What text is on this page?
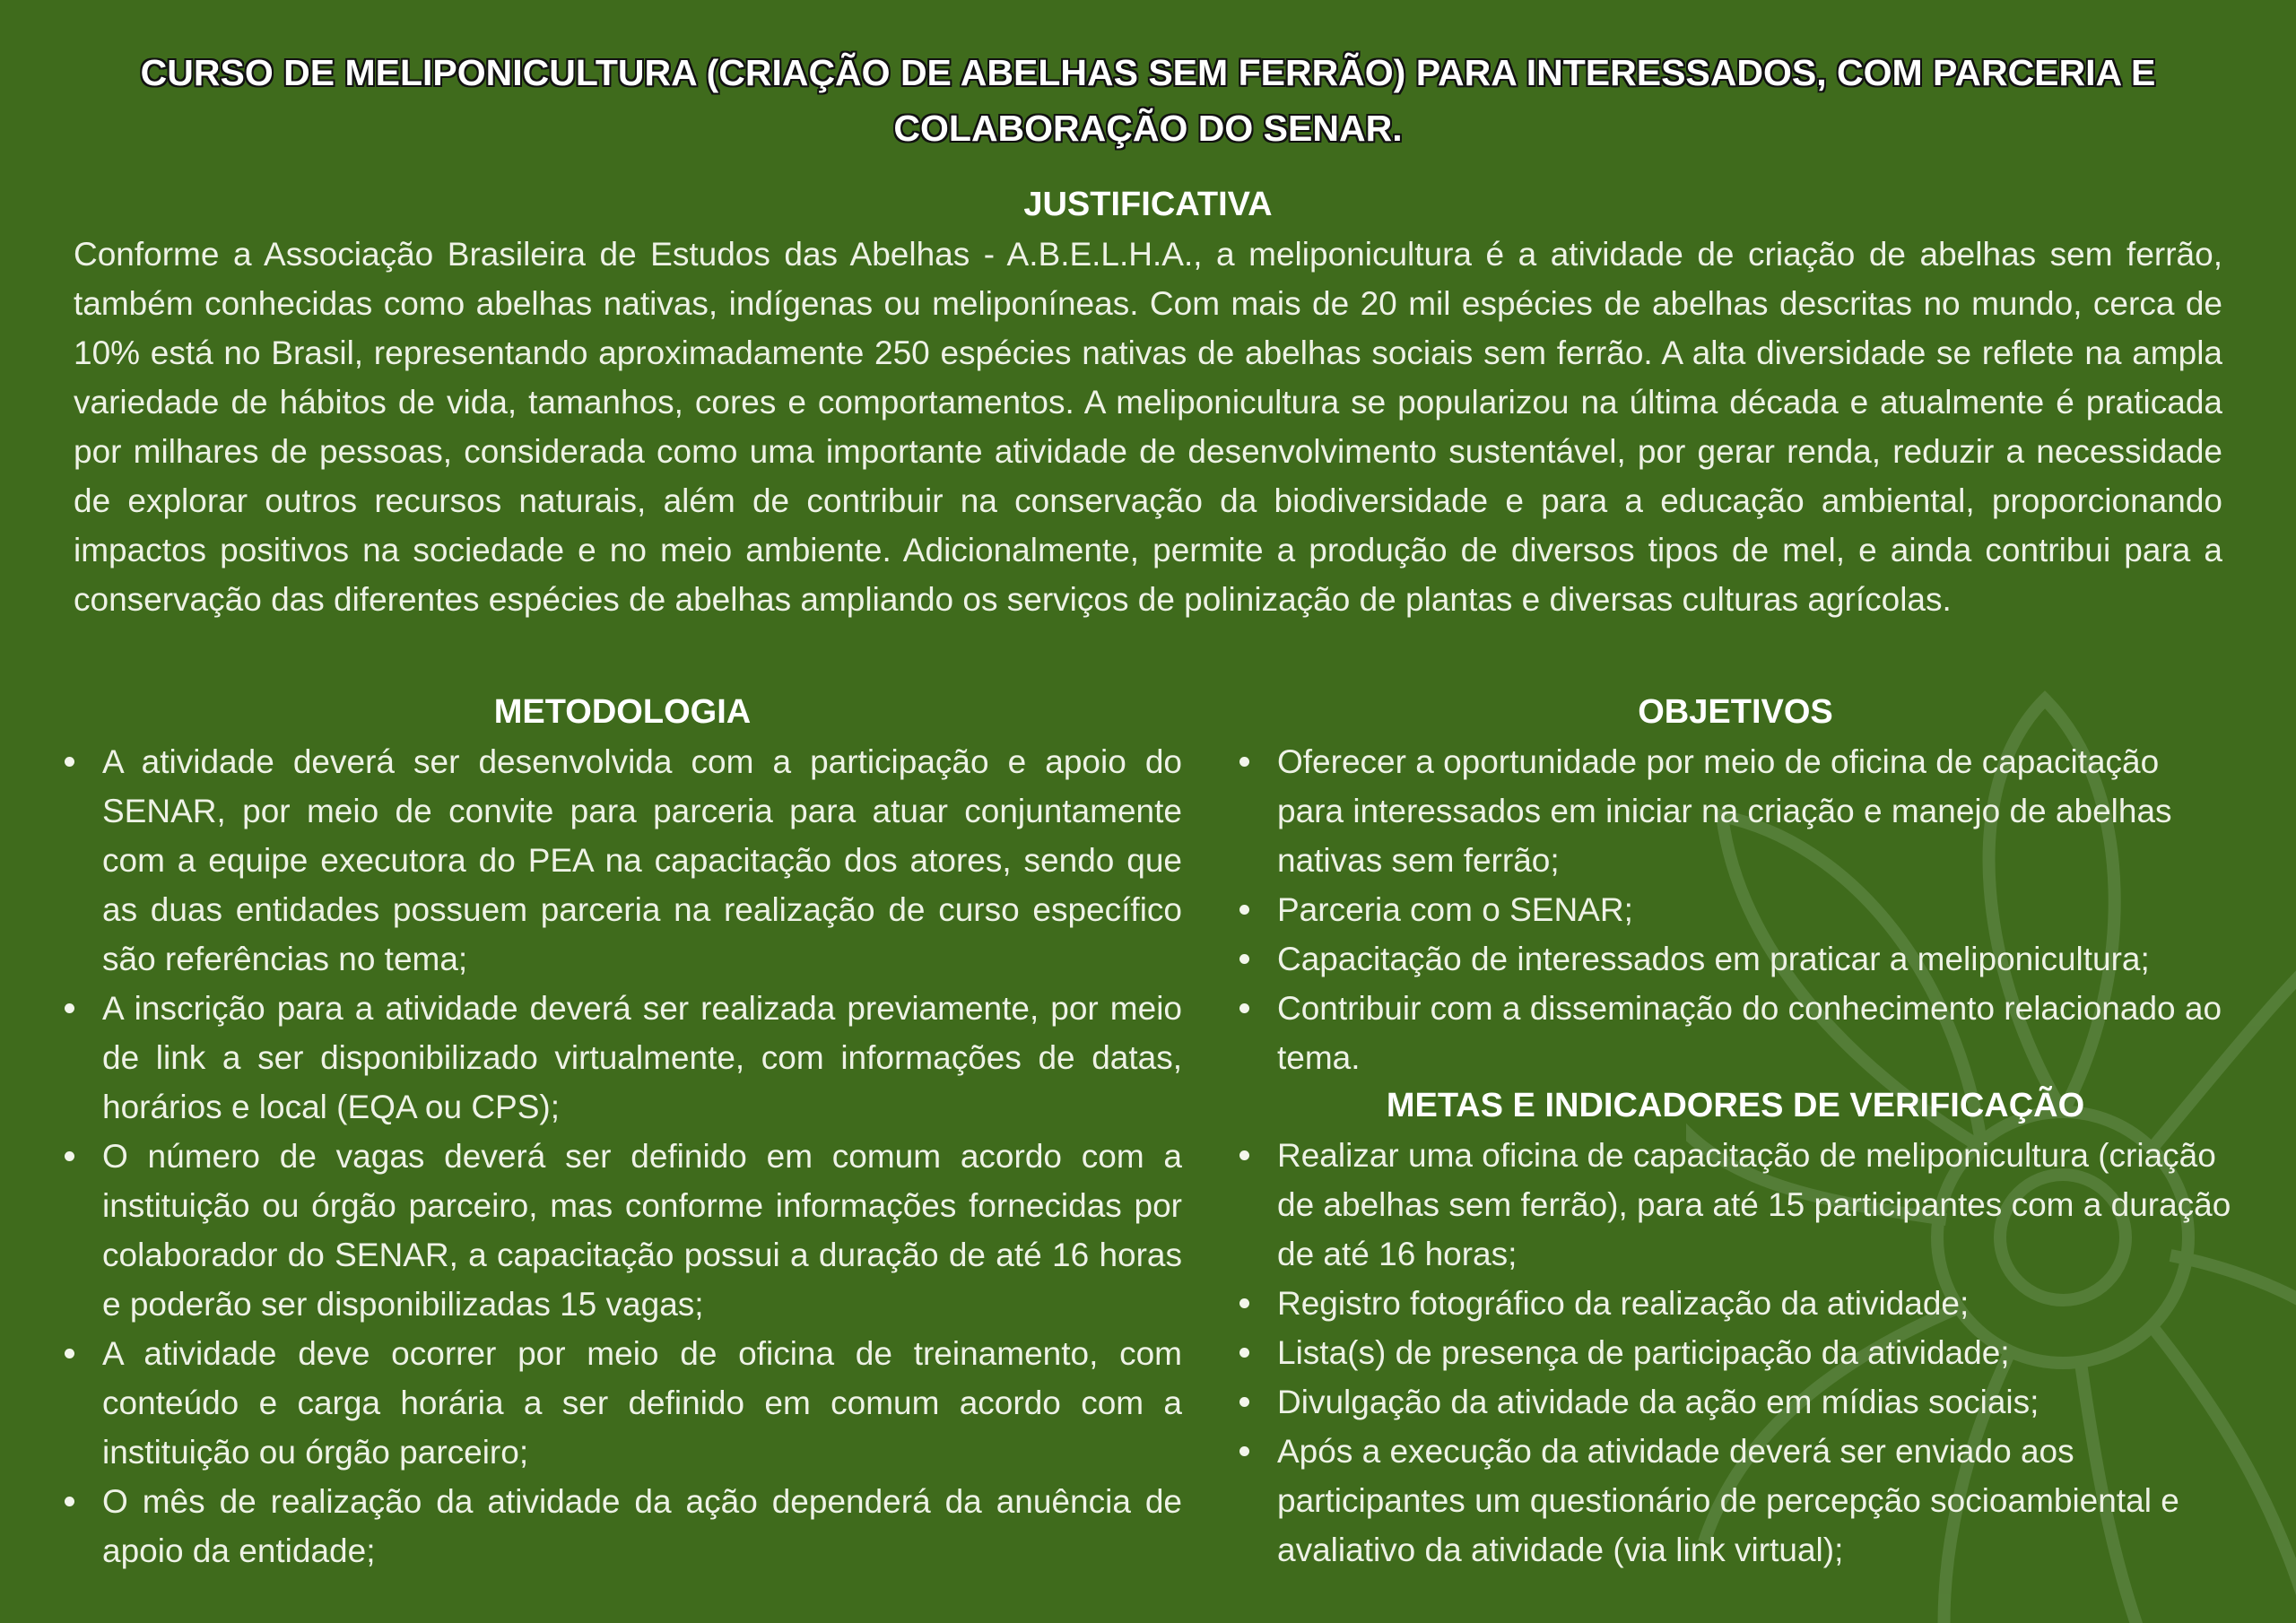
CURSO DE MELIPONICULTURA (CRIAÇÃO DE ABELHAS SEM FERRÃO) PARA INTERESSADOS, COM PARCERIA E COLABORAÇÃO DO SENAR.
JUSTIFICATIVA

Conforme a Associação Brasileira de Estudos das Abelhas - A.B.E.L.H.A., a meliponicultura é a atividade de criação de abelhas sem ferrão, também conhecidas como abelhas nativas, indígenas ou meliponíneas. Com mais de 20 mil espécies de abelhas descritas no mundo, cerca de 10% está no Brasil, representando aproximadamente 250 espécies nativas de abelhas sociais sem ferrão. A alta diversidade se reflete na ampla variedade de hábitos de vida, tamanhos, cores e comportamentos. A meliponicultura se popularizou na última década e atualmente é praticada por milhares de pessoas, considerada como uma importante atividade de desenvolvimento sustentável, por gerar renda, reduzir a necessidade de explorar outros recursos naturais, além de contribuir na conservação da biodiversidade e para a educação ambiental, proporcionando impactos positivos na sociedade e no meio ambiente. Adicionalmente, permite a produção de diversos tipos de mel, e ainda contribui para a conservação das diferentes espécies de abelhas ampliando os serviços de polinização de plantas e diversas culturas agrícolas.

METODOLOGIA
A atividade deverá ser desenvolvida com a participação e apoio do SENAR, por meio de convite para parceria para atuar conjuntamente com a equipe executora do PEA na capacitação dos atores, sendo que as duas entidades possuem parceria na realização de curso específico são referências no tema;
A inscrição para a atividade deverá ser realizada previamente, por meio de link a ser disponibilizado virtualmente, com informações de datas, horários e local (EQA ou CPS);
O número de vagas deverá ser definido em comum acordo com a instituição ou órgão parceiro, mas conforme informações fornecidas por colaborador do SENAR, a capacitação possui a duração de até 16 horas e poderão ser disponibilizadas 15 vagas;
A atividade deve ocorrer por meio de oficina de treinamento, com conteúdo e carga horária a ser definido em comum acordo com a instituição ou órgão parceiro;
O mês de realização da atividade da ação dependerá da anuência de apoio da entidade;
OBJETIVOS
Oferecer a oportunidade por meio de oficina de capacitação para interessados em iniciar na criação e manejo de abelhas nativas sem ferrão;
Parceria com o SENAR;
Capacitação de interessados em praticar a meliponicultura;
Contribuir com a disseminação do conhecimento relacionado ao tema.
METAS E INDICADORES DE VERIFICAÇÃO
Realizar uma oficina de capacitação de meliponicultura (criação de abelhas sem ferrão), para até 15 participantes com a duração de até 16 horas;
Registro fotográfico da realização da atividade;
Lista(s) de presença de participação da atividade;
Divulgação da atividade da ação em mídias sociais;
Após a execução da atividade deverá ser enviado aos participantes um questionário de percepção socioambiental e avaliativo da atividade (via link virtual);
